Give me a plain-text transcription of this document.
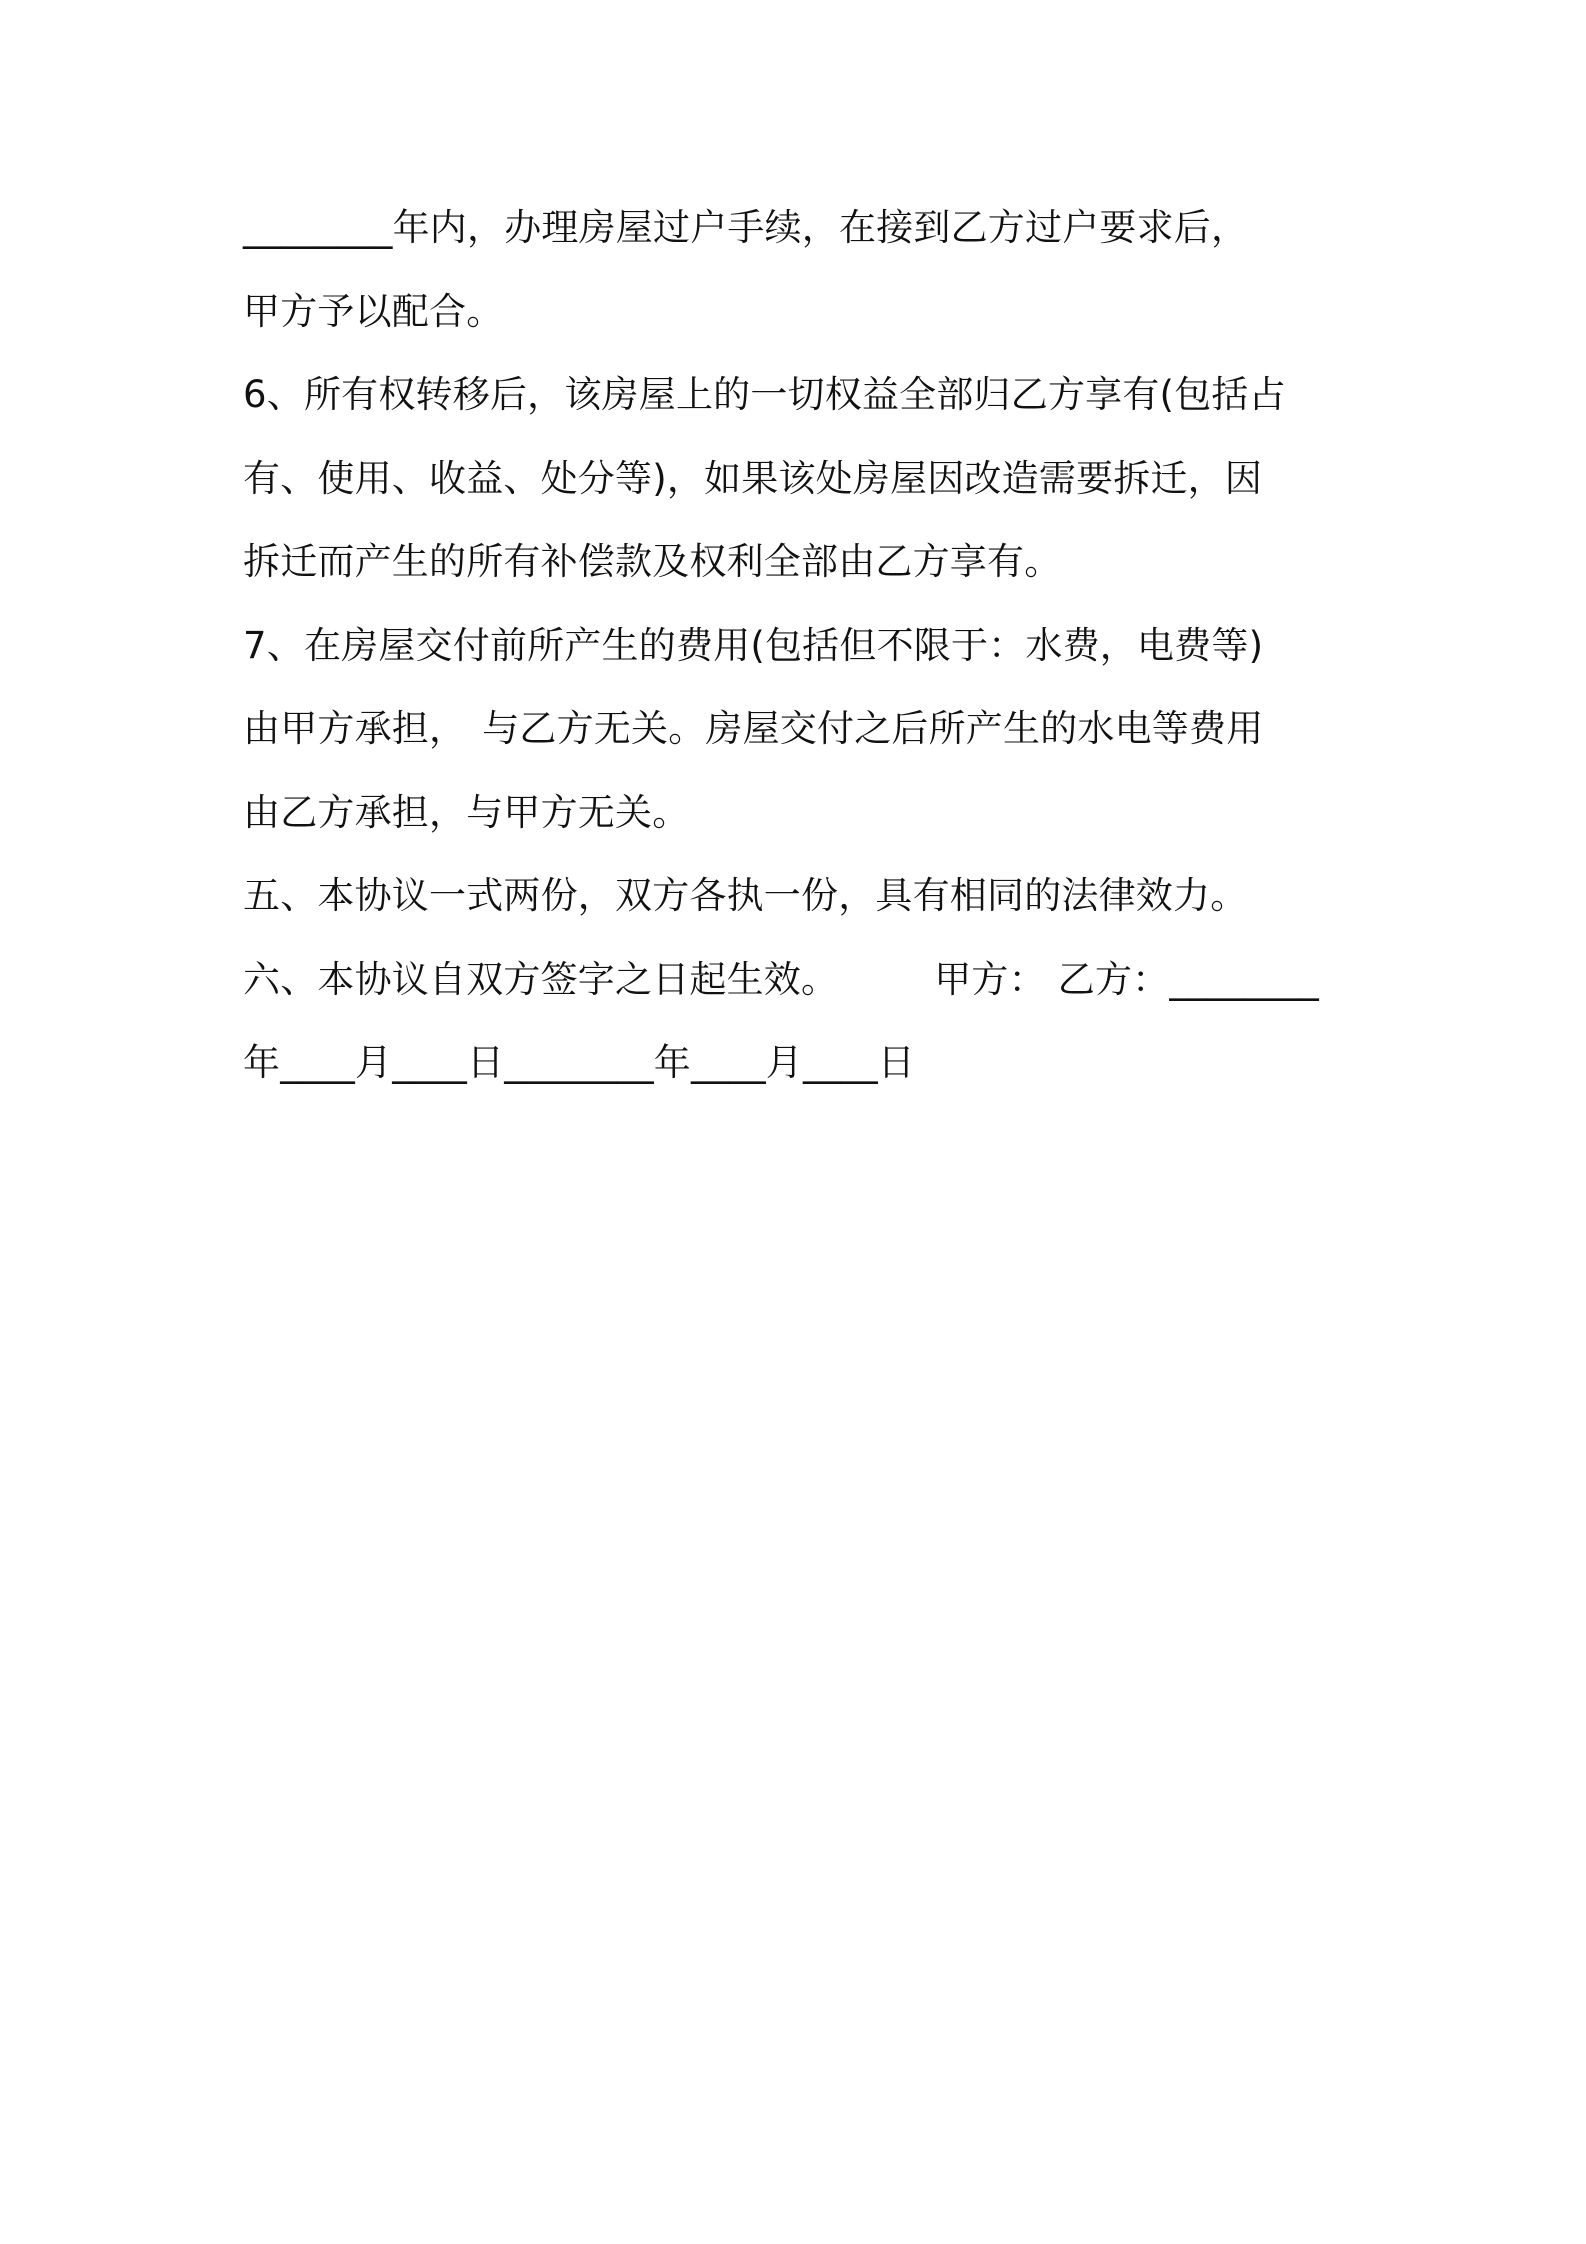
________年内，办理房屋过户手续，在接到乙方过户要求后，
甲方予以配合。
6、所有权转移后，该房屋上的一切权益全部归乙方享有(包括占
有、使用、收益、处分等)，如果该处房屋因改造需要拆迁，因
拆迁而产生的所有补偿款及权利全部由乙方享有。
7、在房屋交付前所产生的费用(包括但不限于：水费，电费等)
由甲方承担， 与乙方无关。房屋交付之后所产生的水电等费用
由乙方承担，与甲方无关。
五、本协议一式两份，双方各执一份，具有相同的法律效力。
六、本协议自双方签字之日起生效。	甲方： 乙方：________
年____月____日________年____月____日
